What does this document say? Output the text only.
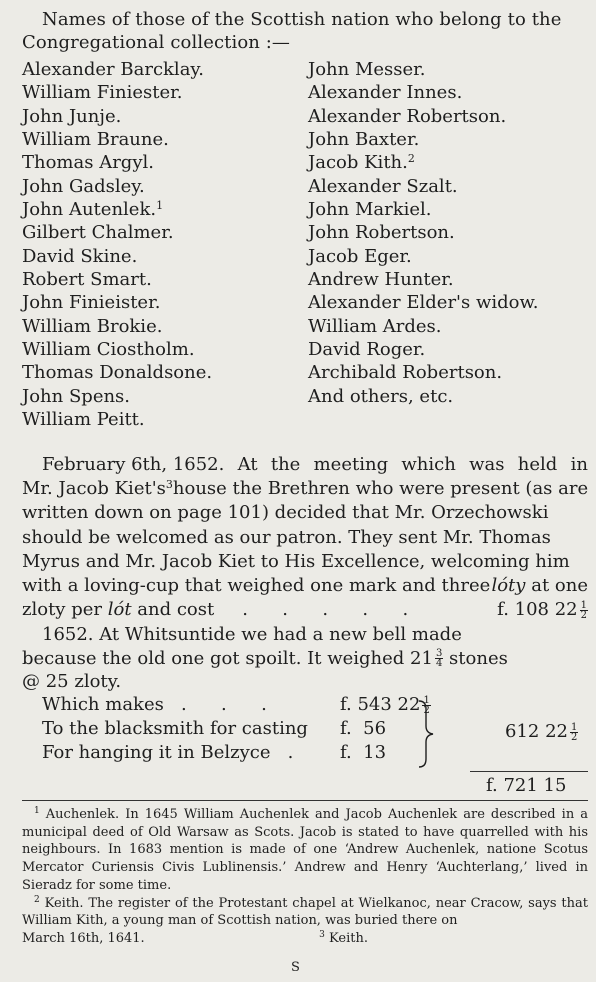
Names of those of the Scottish nation who belong to the
Congregational collection :—
Alexander Barcklay.
William Finiester.
John Junje.
William Braune.
Thomas Argyl.
John Gadsley.
John Autenlek.$^1$
Gilbert Chalmer.
David Skine.
Robert Smart.
John Finieister.
William Brokie.
William Ciostholm.
Thomas Donaldsone.
John Spens.
William Peitt.
John Messer.
Alexander Innes.
Alexander Robertson.
John Baxter.
Jacob Kith.$^2$
Alexander Szalt.
John Markiel.
John Robertson.
Jacob Eger.
Andrew Hunter.
Alexander Elder's widow.
William Ardes.
David Roger.
Archibald Robertson.
And others, etc.
February 6th, 1652. At the meeting which was held in
Mr. Jacob $Kiet's^3$ house the Brethren who were present (as are
written down on page 101) decided that Mr. Orzechowski
should be welcomed as our patron. They sent Mr. Thomas
Myrus and Mr. Jacob Kiet to His Excellence, welcoming him
with a loving-cup that weighed one mark and three lóty at one
zloty per
lót
and cost .      .      .      .      .	f. 108 $22 \frac{1}{2}$
1652. At Whitsuntide we had a new bell made
because the old one got spoilt. It weighed $21 \frac{3}{4}$ stones
@ 25 zloty.
Which makes   .      .      .	f. 543 $22 \frac{1}{2}$
To the blacksmith for casting f.  56
For hanging it in Belzyce   .	f.  13
612 $22 \frac{1}{2}$
f. 721 15

$^1$ Auchenlek. In 1645 William Auchenlek and Jacob Auchenlek are described in a municipal deed of Old Warsaw as Scots. Jacob is stated to have quarrelled with his neighbours. In 1683 mention is made of one ‘Andrew Auchenlek, natione Scotus Mercator Curiensis Civis Lublinensis.’ Andrew and Henry ‘Auchterlang,’ lived in Sieradz for some time.

$^2$ Keith. The register of the Protestant chapel at Wielkanoc, near Cracow, says that William Kith, a young man of Scottish nation, was buried there on

March 16th, 1641.	$^3$ Keith.
S
